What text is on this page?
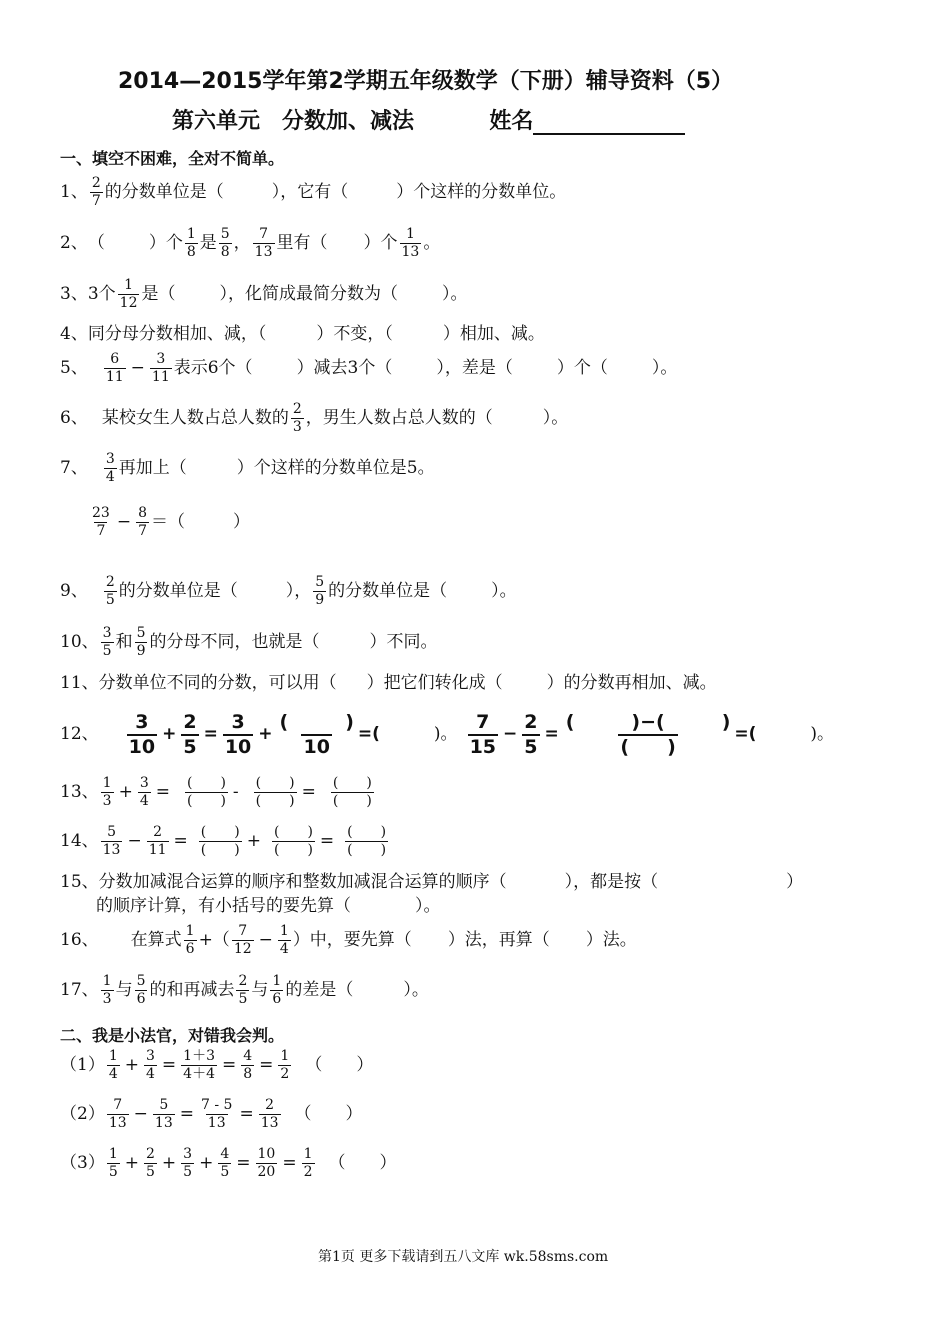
2014—2015学年第2学期五年级数学（下册）辅导资料（5）
第六单元　分数加、减法	姓名
一、填空不困难，全对不简单。
1、 $\frac{2}{7}$ 的分数单位是（	），它有（	）个这样的分数单位。
2、 （	）个 $\frac{1}{8}$ 是 $\frac{5}{8}$ ， $\frac{7}{13}$ 里有（ ）个 $\frac{1}{13}$ 。
3、 3个 $\frac{1}{12}$ 是（	），化简成最简分数为（	）。
4、 同分母分数相加、减，（	）不变，（	）相加、减。
5、 $\frac{6}{11} - \frac{3}{11}$ 表示6个（	）减去3个（	），差是（	）个（	）。
6、 某校女生人数占总人数的 $\frac{2}{3}$ ，男生人数占总人数的（	）。
7、 $\frac{3}{4}$ 再加上（	）个这样的分数单位是5。
$\frac{23}{7} - \frac{8}{7}$ ＝（	）
9、 $\frac{2}{5}$ 的分数单位是（	）， $\frac{5}{9}$ 的分数单位是（	）。
10、 $\frac{3}{5}$ 和 $\frac{5}{9}$ 的分母不同，也就是（	）不同。
11、 分数单位不同的分数，可以用（ ）把它们转化成（	）的分数再相加、减。
12、 $\frac{3}{10} + \frac{2}{5} = \frac{3}{10} + \frac{( )}{10}$ =(	)。 $\frac{7}{15} - \frac{2}{5} = \frac{( )-( )}{( )}$ =(	)。
13、 $\frac{1}{3} + \frac{3}{4} = \frac{( )}{( )} - \frac{( )}{( )} = \frac{( )}{( )}$
14、 $\frac{5}{13} - \frac{2}{11} = \frac{( )}{( )} + \frac{( )}{( )} = \frac{( )}{( )}$
15、 分数加减混合运算的顺序和整数加减混合运算的顺序（	），都是按（	）
的顺序计算，有小括号的要先算（	）。
16、 在算式 $\frac{1}{6}$ +（ $\frac{7}{12} - \frac{1}{4}$ ）中，要先算（ ）法，再算（ ）法。
17、 $\frac{1}{3}$ 与 $\frac{5}{6}$ 的和再减去 $\frac{2}{5}$ 与 $\frac{1}{6}$ 的差是（	）。
二、我是小法官，对错我会判。
$(1) \frac{1}{4} + \frac{3}{4} = \frac{1+3}{4+4} = \frac{4}{8} = \frac{1}{2}$ （　　）
$(2) \frac{7}{13} - \frac{5}{13} = \frac{7 - 5}{13} = \frac{2}{13}$ （　　）
$(3) \frac{1}{5} + \frac{2}{5} + \frac{3}{5} + \frac{4}{5} = \frac{10}{20} = \frac{1}{2}$ （　　）
第1页 更多下载请到五八文库 wk.58sms.com
